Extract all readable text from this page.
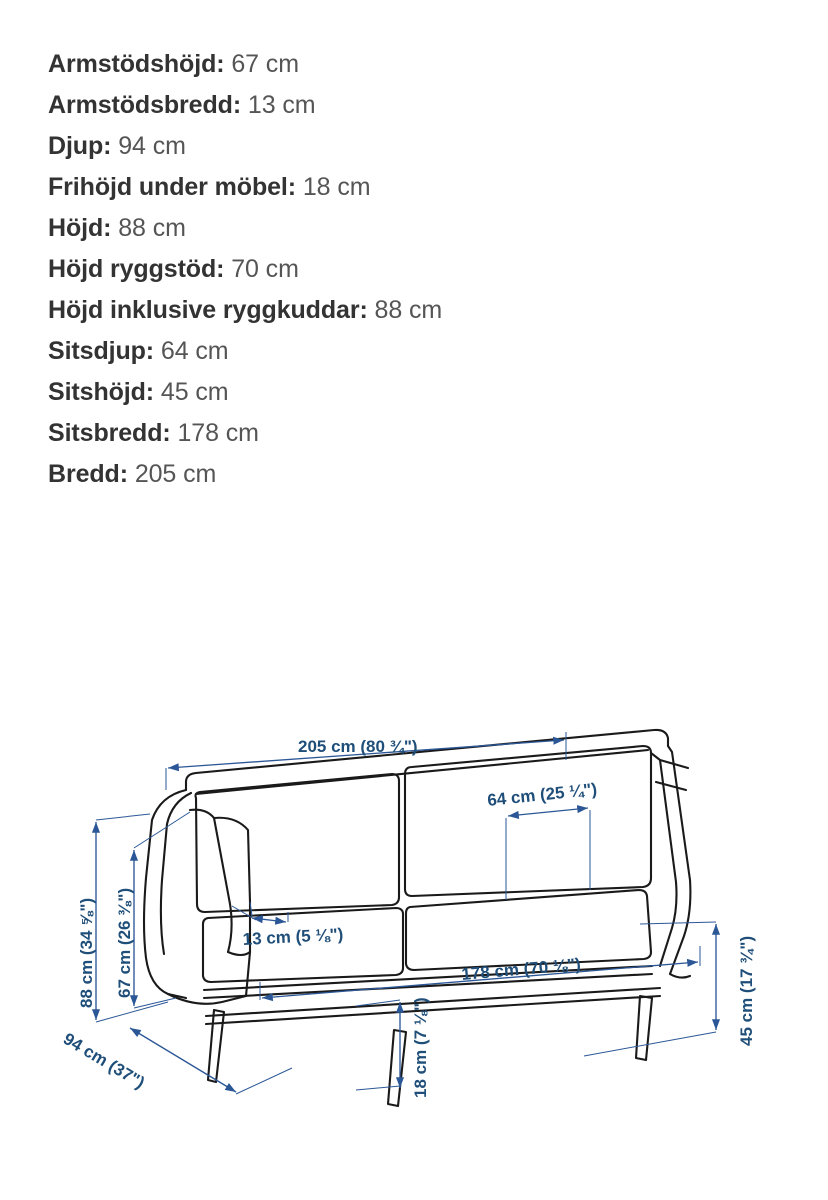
Armstödshöjd: 67 cm
Armstödsbredd: 13 cm
Djup: 94 cm
Frihöjd under möbel: 18 cm
Höjd: 88 cm
Höjd ryggstöd: 70 cm
Höjd inklusive ryggkuddar: 88 cm
Sitsdjup: 64 cm
Sitshöjd: 45 cm
Sitsbredd: 178 cm
Bredd: 205 cm
205 cm (80 ¾")
88 cm (34 ⅝") 67 cm (26 ⅜")
94 cm (37")
13 cm (5 ⅛")
64 cm (25 ¼")
178 cm (70 ⅛")
18 cm (7 ⅛")
45 cm (17 ¾")
